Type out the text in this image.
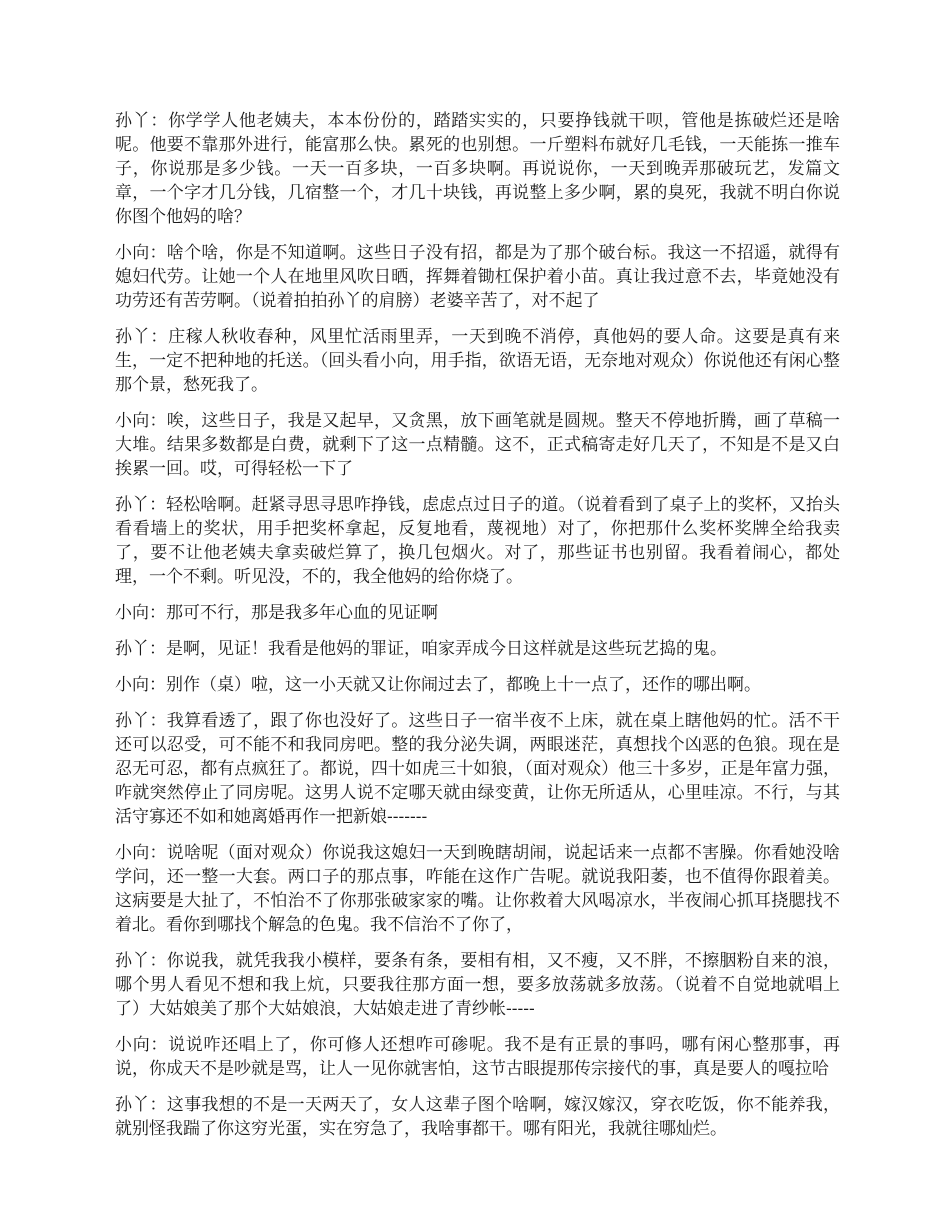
孙丫：你学学人他老姨夫，本本份份的，踏踏实实的，只要挣钱就干呗，管他是拣破烂还是啥呢。他要不靠那外进行，能富那么快。累死的也别想。一斤塑料布就好几毛钱，一天能拣一推车子，你说那是多少钱。一天一百多块，一百多块啊。再说说你，一天到晚弄那破玩艺，发篇文章，一个字才几分钱，几宿整一个，才几十块钱，再说整上多少啊，累的臭死，我就不明白你说你图个他妈的啥？

小向：啥个啥，你是不知道啊。这些日子没有招，都是为了那个破台标。我这一不招遥，就得有媳妇代劳。让她一个人在地里风吹日晒，挥舞着锄杠保护着小苗。真让我过意不去，毕竟她没有功劳还有苦劳啊。（说着拍拍孙丫的肩膀）老婆辛苦了，对不起了

孙丫：庄稼人秋收春种，风里忙活雨里弄，一天到晚不消停，真他妈的要人命。这要是真有来生，一定不把种地的托送。（回头看小向，用手指，欲语无语，无奈地对观众）你说他还有闲心整那个景，愁死我了。

小向：唉，这些日子，我是又起早，又贪黑，放下画笔就是圆规。整天不停地折腾，画了草稿一大堆。结果多数都是白费，就剩下了这一点精髓。这不，正式稿寄走好几天了，不知是不是又白挨累一回。哎，可得轻松一下了

孙丫：轻松啥啊。赶紧寻思寻思咋挣钱，虑虑点过日子的道。（说着看到了桌子上的奖杯，又抬头看看墙上的奖状，用手把奖杯拿起，反复地看，蔑视地）对了，你把那什么奖杯奖牌全给我卖了，要不让他老姨夫拿卖破烂算了，换几包烟火。对了，那些证书也别留。我看着闹心，都处理，一个不剩。听见没，不的，我全他妈的给你烧了。

小向：那可不行，那是我多年心血的见证啊

孙丫：是啊，见证！我看是他妈的罪证，咱家弄成今日这样就是这些玩艺捣的鬼。

小向：别作（桌）啦，这一小天就又让你闹过去了，都晚上十一点了，还作的哪出啊。

孙丫：我算看透了，跟了你也没好了。这些日子一宿半夜不上床，就在桌上瞎他妈的忙。活不干还可以忍受，可不能不和我同房吧。整的我分泌失调，两眼迷茫，真想找个凶恶的色狼。现在是忍无可忍，都有点疯狂了。都说，四十如虎三十如狼，（面对观众）他三十多岁，正是年富力强，咋就突然停止了同房呢。这男人说不定哪天就由绿变黄，让你无所适从，心里哇凉。不行，与其活守寡还不如和她离婚再作一把新娘-------

小向：说啥呢（面对观众）你说我这媳妇一天到晚瞎胡闹，说起话来一点都不害臊。你看她没啥学问，还一整一大套。两口子的那点事，咋能在这作广告呢。就说我阳萎，也不值得你跟着美。这病要是大扯了，不怕治不了你那张破家家的嘴。让你救着大风喝凉水，半夜闹心抓耳挠腮找不着北。看你到哪找个解急的色鬼。我不信治不了你了，

孙丫：你说我，就凭我我小模样，要条有条，要相有相，又不瘦，又不胖，不擦胭粉自来的浪，哪个男人看见不想和我上炕，只要我往那方面一想，要多放荡就多放荡。（说着不自觉地就唱上了）大姑娘美了那个大姑娘浪，大姑娘走进了青纱帐-----

小向：说说咋还唱上了，你可修人还想咋可碜呢。我不是有正景的事吗，哪有闲心整那事，再说，你成天不是吵就是骂，让人一见你就害怕，这节古眼提那传宗接代的事，真是要人的嘎拉哈

孙丫：这事我想的不是一天两天了，女人这辈子图个啥啊，嫁汉嫁汉，穿衣吃饭，你不能养我，就别怪我踹了你这穷光蛋，实在穷急了，我啥事都干。哪有阳光，我就往哪灿烂。
